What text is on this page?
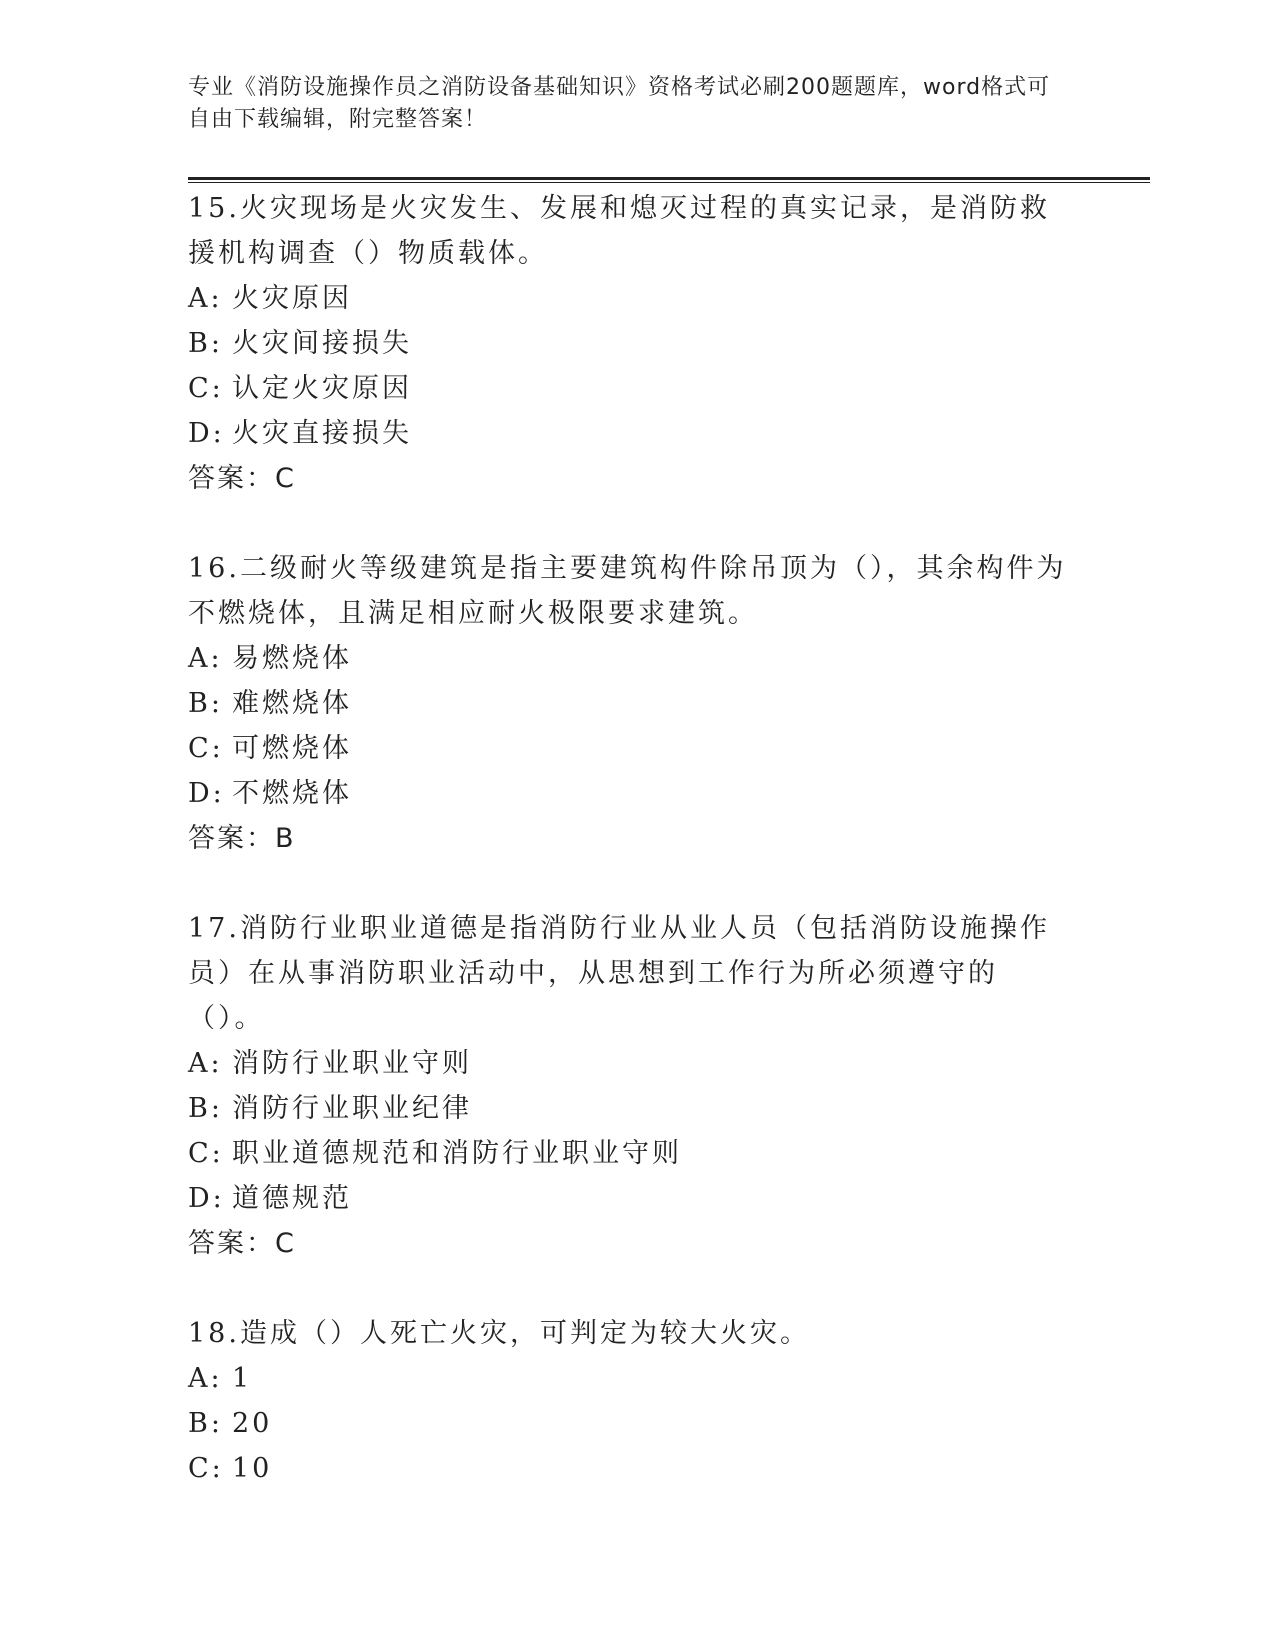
专业《消防设施操作员之消防设备基础知识》资格考试必刷200题题库，word格式可自由下载编辑，附完整答案！

15.火灾现场是火灾发生、发展和熄灭过程的真实记录，是消防救援机构调查（）物质载体。

A: 火灾原因

B: 火灾间接损失

C: 认定火灾原因

D: 火灾直接损失

答案：C

16.二级耐火等级建筑是指主要建筑构件除吊顶为（），其余构件为不燃烧体，且满足相应耐火极限要求建筑。

A: 易燃烧体

B: 难燃烧体

C: 可燃烧体

D: 不燃烧体

答案：B

17.消防行业职业道德是指消防行业从业人员（包括消防设施操作员）在从事消防职业活动中，从思想到工作行为所必须遵守的（）。

A: 消防行业职业守则

B: 消防行业职业纪律

C: 职业道德规范和消防行业职业守则

D: 道德规范

答案：C

18.造成（）人死亡火灾，可判定为较大火灾。

A: 1

B: 20

C: 10
